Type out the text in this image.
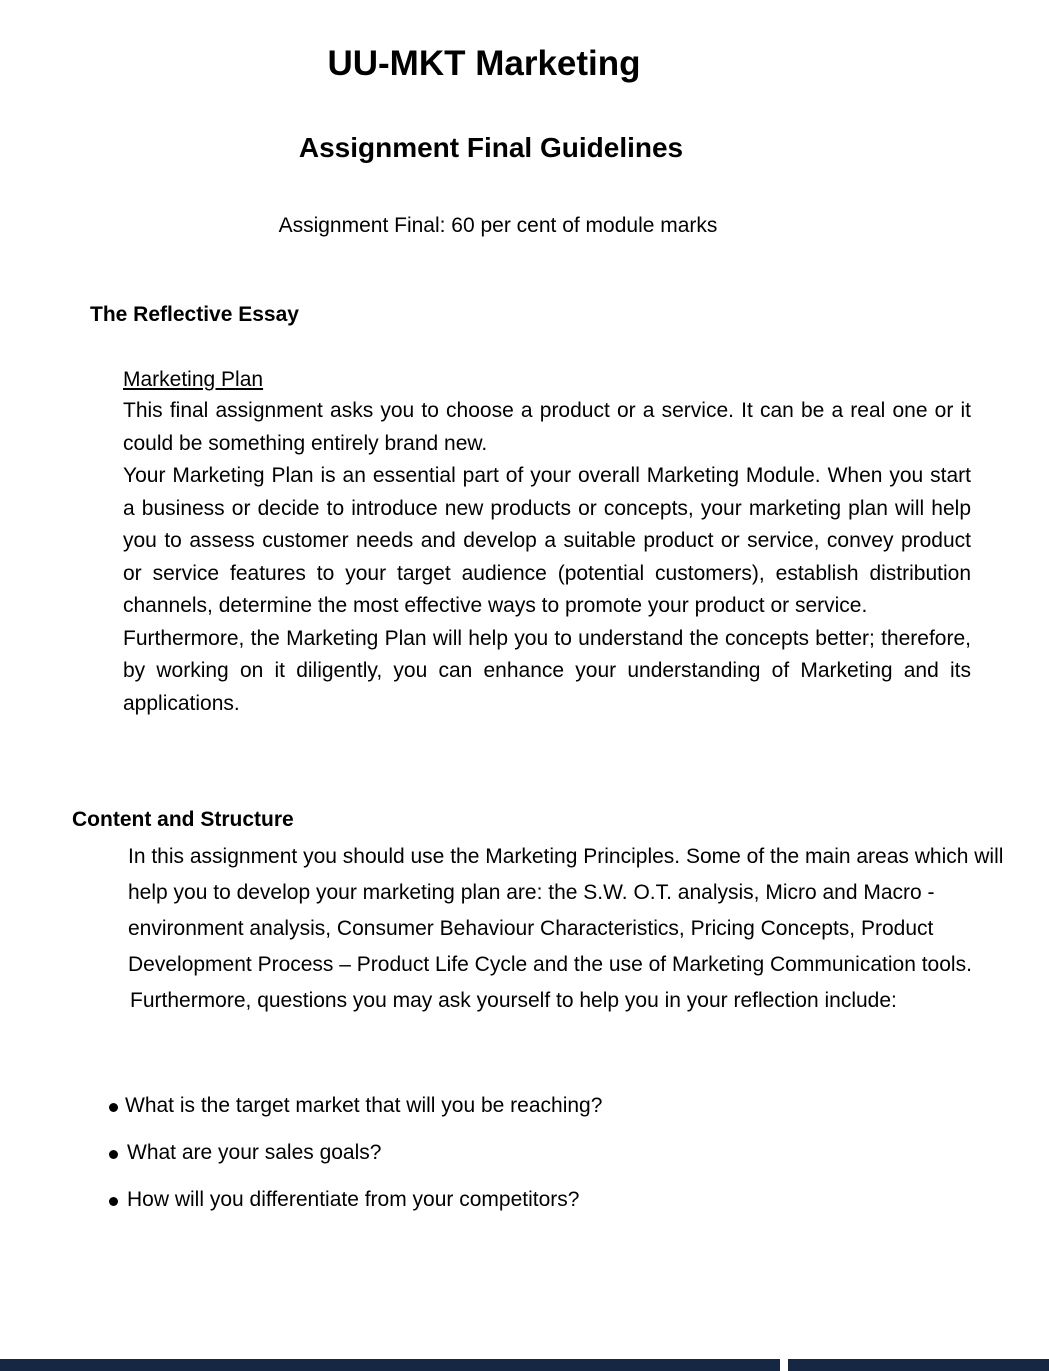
UU-MKT Marketing
Assignment Final Guidelines
Assignment Final: 60 per cent of module marks
The Reflective Essay
Marketing Plan

This final assignment asks you to choose a product or a service. It can be a real one or it could be something entirely brand new.

Your Marketing Plan is an essential part of your overall Marketing Module. When you start a business or decide to introduce new products or concepts, your marketing plan will help you to assess customer needs and develop a suitable product or service, convey product or service features to your target audience (potential customers), establish distribution channels, determine the most effective ways to promote your product or service.

Furthermore, the Marketing Plan will help you to understand the concepts better; therefore, by working on it diligently, you can enhance your understanding of Marketing and its applications.

Content and Structure

In this assignment you should use the Marketing Principles. Some of the main areas which will help you to develop your marketing plan are: the S.W. O.T. analysis, Micro and Macro - environment analysis, Consumer Behaviour Characteristics, Pricing Concepts, Product Development Process – Product Life Cycle and the use of Marketing Communication tools.

Furthermore, questions you may ask yourself to help you in your reflection include:

What is the target market that will you be reaching?
What are your sales goals?
How will you differentiate from your competitors?
